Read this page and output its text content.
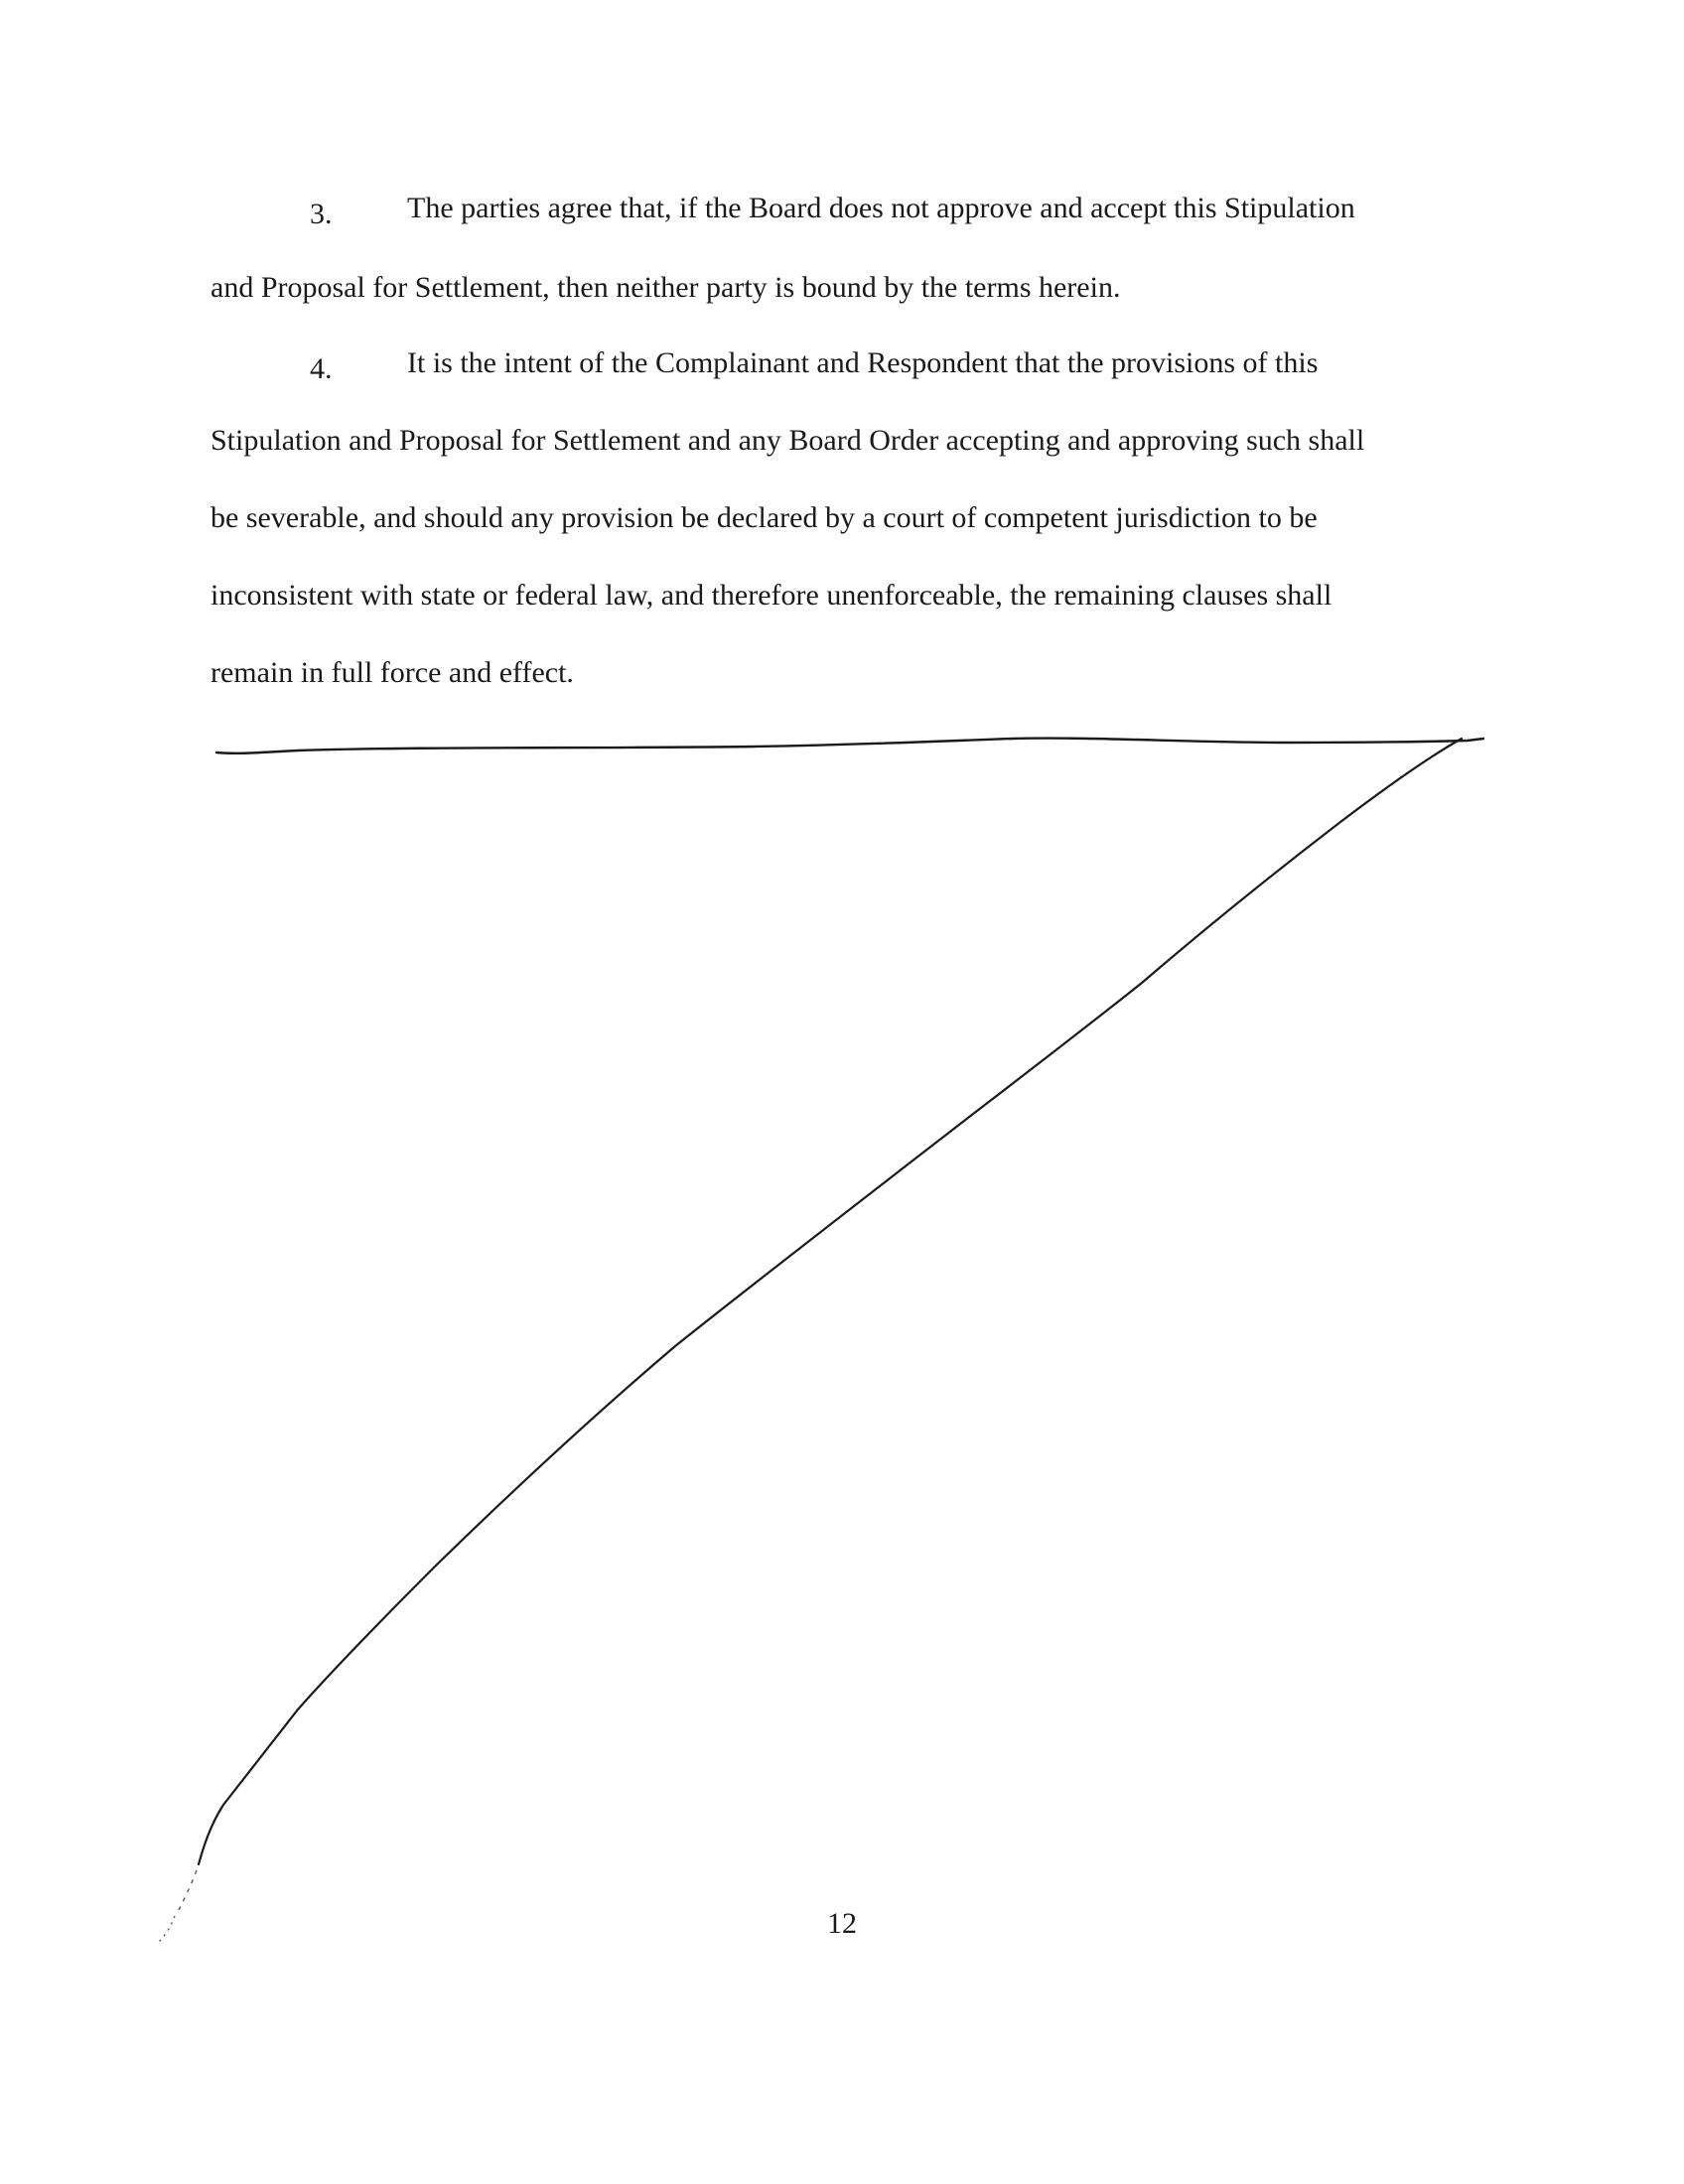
3.	The parties agree that, if the Board does not approve and accept this Stipulation
and Proposal for Settlement, then neither party is bound by the terms herein.
4.	It is the intent of the Complainant and Respondent that the provisions of this
Stipulation and Proposal for Settlement and any Board Order accepting and approving such shall
be severable, and should any provision be declared by a court of competent jurisdiction to be
inconsistent with state or federal law, and therefore unenforceable, the remaining clauses shall
remain in full force and effect.
12
